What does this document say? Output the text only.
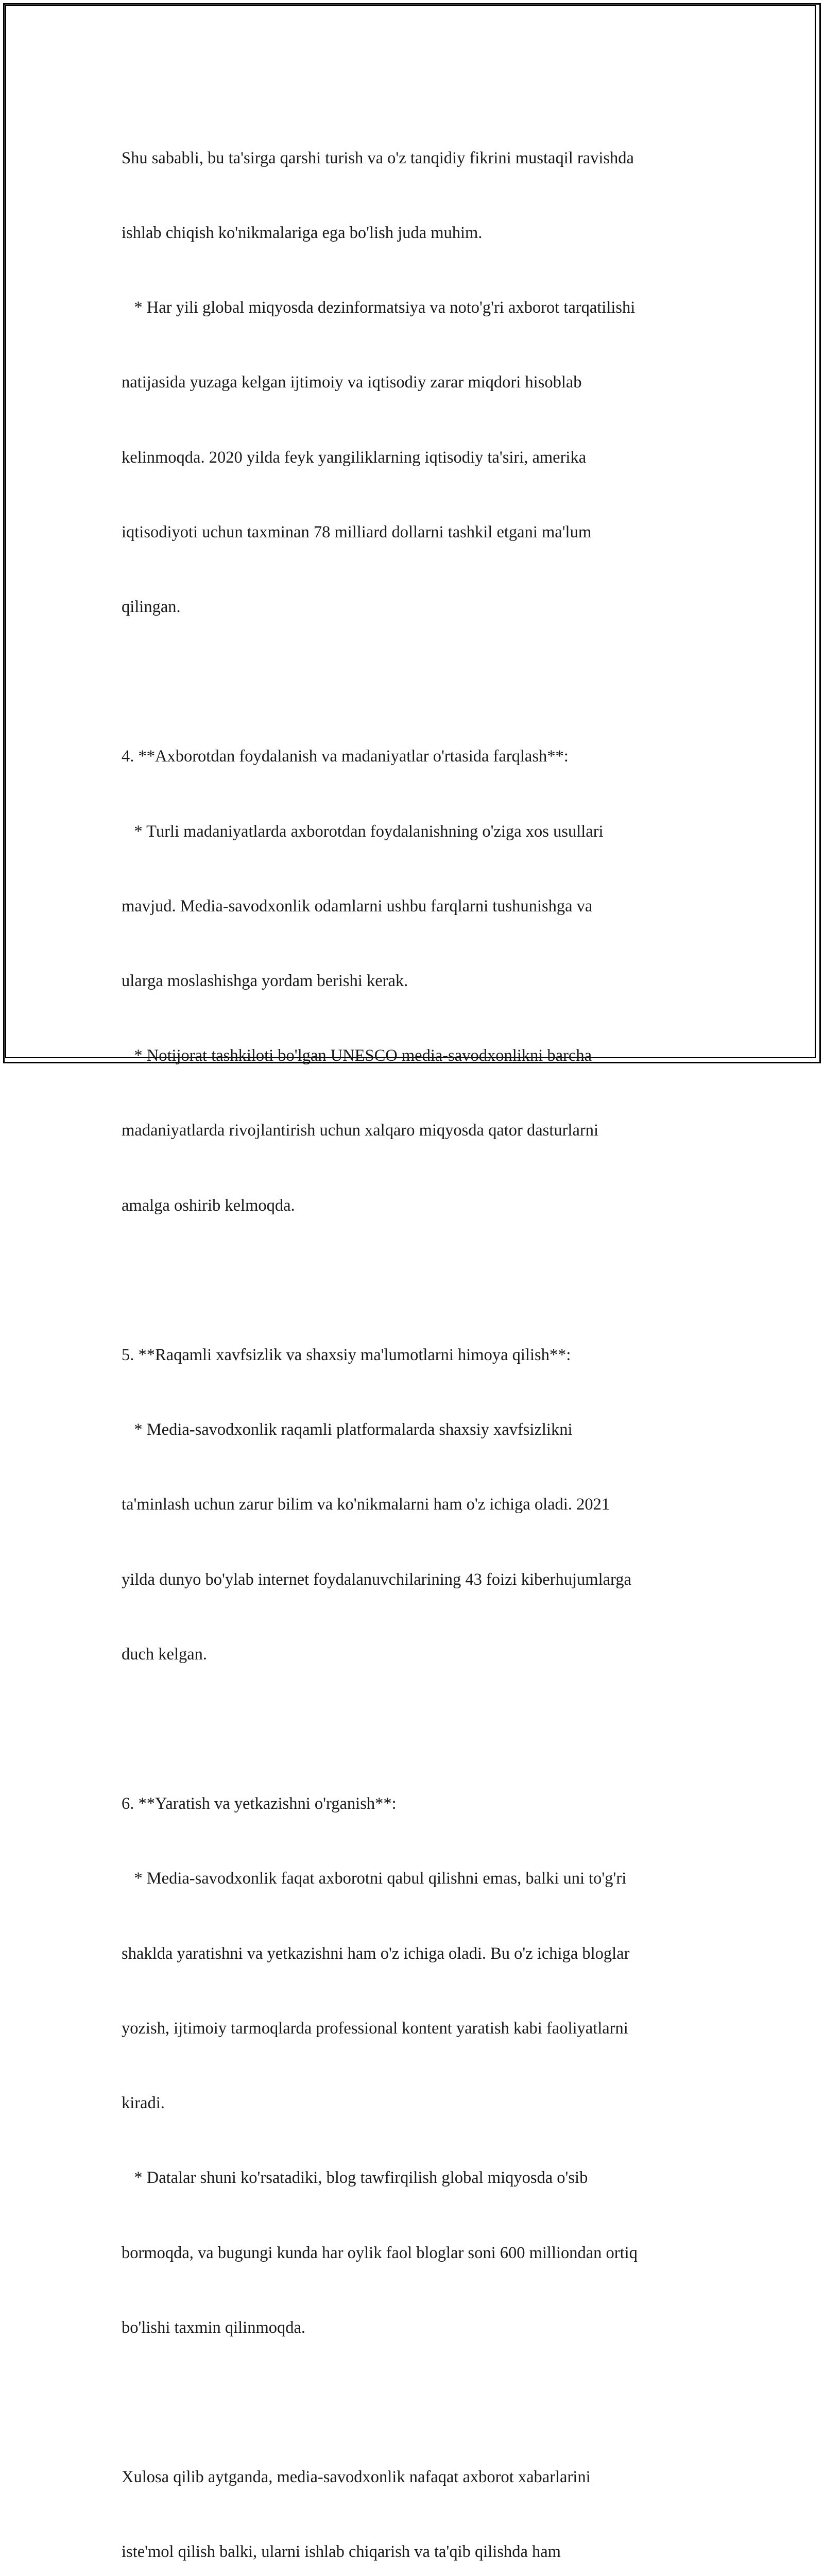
Shu sababli, bu ta'sirga qarshi turish va o'z tanqidiy fikrini mustaqil ravishda

ishlab chiqish ko'nikmalariga ega bo'lish juda muhim.

* Har yili global miqyosda dezinformatsiya va noto'g'ri axborot tarqatilishi

natijasida yuzaga kelgan ijtimoiy va iqtisodiy zarar miqdori hisoblab

kelinmoqda. 2020 yilda feyk yangiliklarning iqtisodiy ta'siri, amerika

iqtisodiyoti uchun taxminan 78 milliard dollarni tashkil etgani ma'lum

qilingan.

4. **Axborotdan foydalanish va madaniyatlar o'rtasida farqlash**:

* Turli madaniyatlarda axborotdan foydalanishning o'ziga xos usullari

mavjud. Media-savodxonlik odamlarni ushbu farqlarni tushunishga va

ularga moslashishga yordam berishi kerak.

* Notijorat tashkiloti bo'lgan UNESCO media-savodxonlikni barcha

madaniyatlarda rivojlantirish uchun xalqaro miqyosda qator dasturlarni

amalga oshirib kelmoqda.

5. **Raqamli xavfsizlik va shaxsiy ma'lumotlarni himoya qilish**:

* Media-savodxonlik raqamli platformalarda shaxsiy xavfsizlikni

ta'minlash uchun zarur bilim va ko'nikmalarni ham o'z ichiga oladi. 2021

yilda dunyo bo'ylab internet foydalanuvchilarining 43 foizi kiberhujumlarga

duch kelgan.

6. **Yaratish va yetkazishni o'rganish**:

* Media-savodxonlik faqat axborotni qabul qilishni emas, balki uni to'g'ri

shaklda yaratishni va yetkazishni ham o'z ichiga oladi. Bu o'z ichiga bloglar

yozish, ijtimoiy tarmoqlarda professional kontent yaratish kabi faoliyatlarni

kiradi.

* Datalar shuni ko'rsatadiki, blog tawfirqilish global miqyosda o'sib

bormoqda, va bugungi kunda har oylik faol bloglar soni 600 milliondan ortiq

bo'lishi taxmin qilinmoqda.

Xulosa qilib aytganda, media-savodxonlik nafaqat axborot xabarlarini

iste'mol qilish balki, ularni ishlab chiqarish va ta'qib qilishda ham
